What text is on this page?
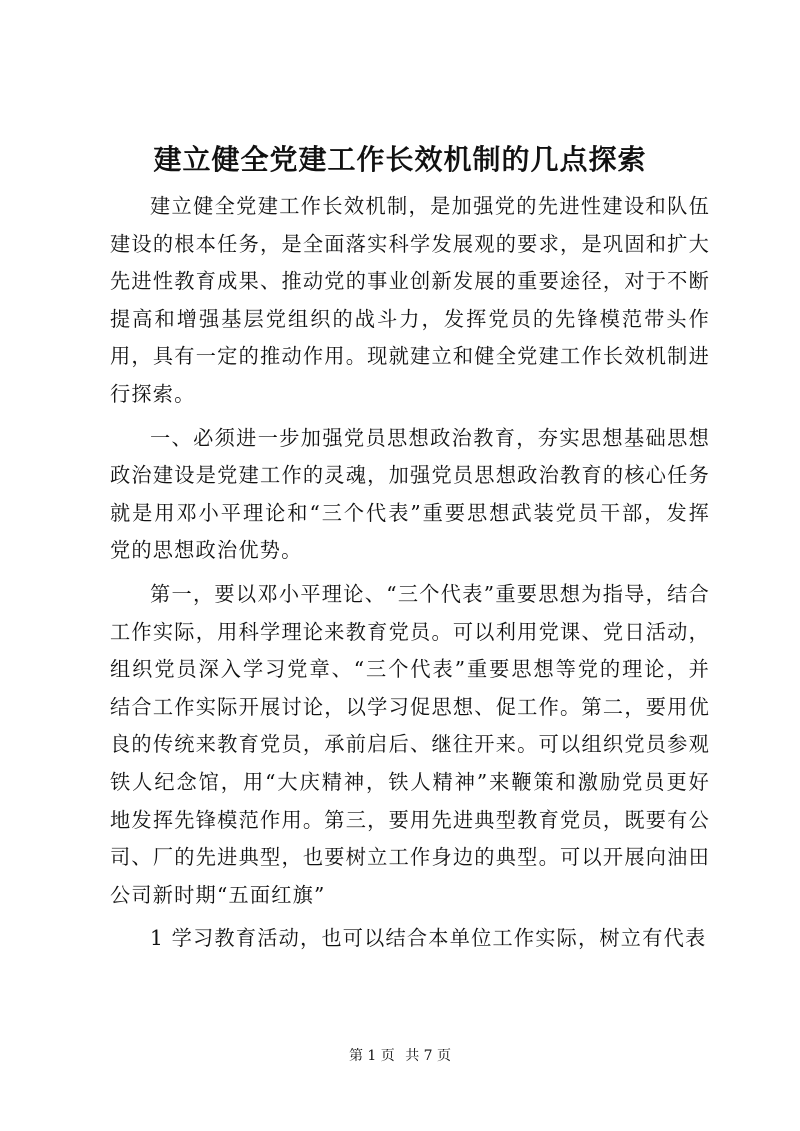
建立健全党建工作长效机制的几点探索

建立健全党建工作长效机制，是加强党的先进性建设和队伍建设的根本任务，是全面落实科学发展观的要求，是巩固和扩大先进性教育成果、推动党的事业创新发展的重要途径，对于不断提高和增强基层党组织的战斗力，发挥党员的先锋模范带头作用，具有一定的推动作用。现就建立和健全党建工作长效机制进行探索。

一、必须进一步加强党员思想政治教育，夯实思想基础思想政治建设是党建工作的灵魂，加强党员思想政治教育的核心任务就是用邓小平理论和“三个代表”重要思想武装党员干部，发挥党的思想政治优势。

第一，要以邓小平理论、“三个代表”重要思想为指导，结合工作实际，用科学理论来教育党员。可以利用党课、党日活动，组织党员深入学习党章、“三个代表”重要思想等党的理论，并结合工作实际开展讨论，以学习促思想、促工作。第二，要用优良的传统来教育党员，承前启后、继往开来。可以组织党员参观铁人纪念馆，用“大庆精神，铁人精神”来鞭策和激励党员更好地发挥先锋模范作用。第三，要用先进典型教育党员，既要有公司、厂的先进典型，也要树立工作身边的典型。可以开展向油田公司新时期“五面红旗”

1 学习教育活动，也可以结合本单位工作实际，树立有代表

第 1 页 共 7 页
